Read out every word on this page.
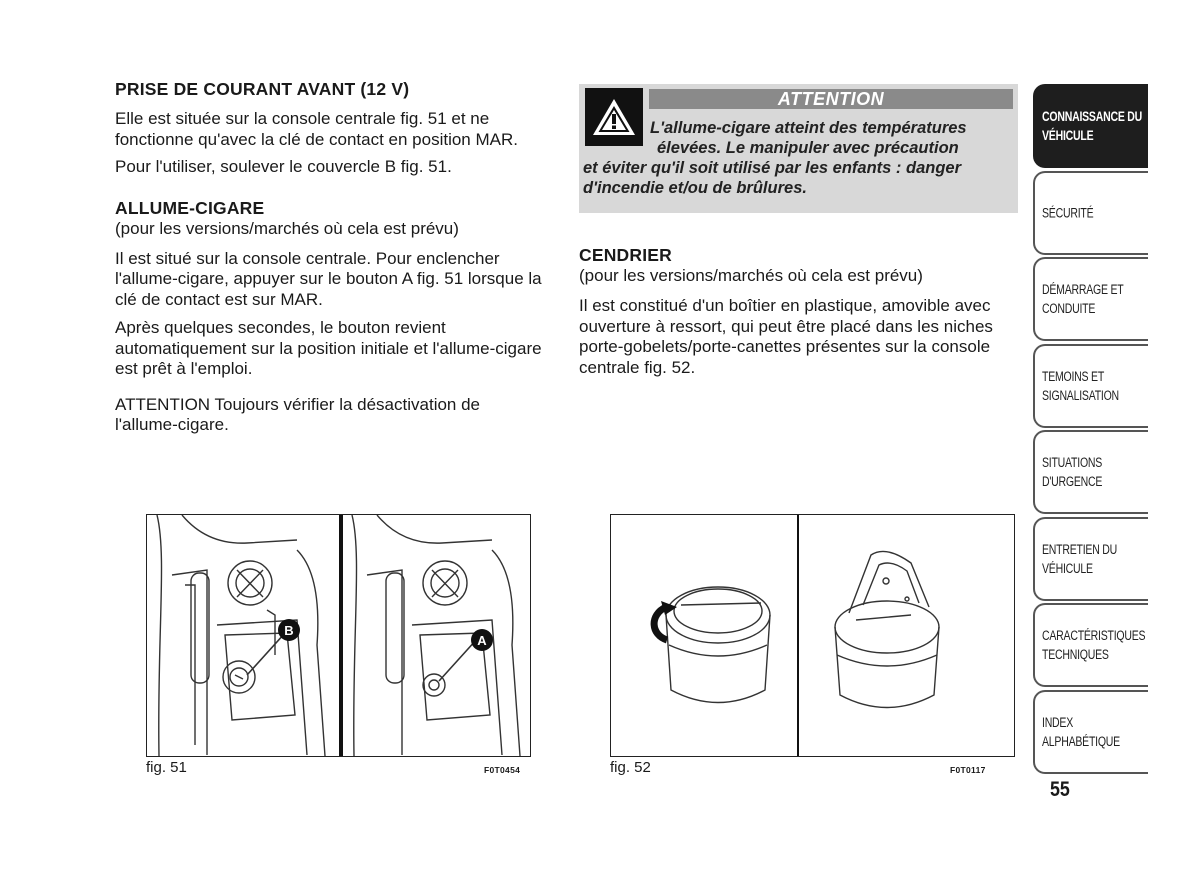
PRISE DE COURANT AVANT (12 V)

Elle est située sur la console centrale fig. 51 et ne fonctionne qu'avec la clé de contact en position MAR.

Pour l'utiliser, soulever le couvercle B fig. 51.

ALLUME-CIGARE
(pour les versions/marchés où cela est prévu)

Il est situé sur la console centrale. Pour enclencher l'allume-cigare, appuyer sur le bouton A fig. 51 lorsque la clé de contact est sur MAR.

Après quelques secondes, le bouton revient automatiquement sur la position initiale et l'allume-cigare est prêt à l'emploi.

ATTENTION Toujours vérifier la désactivation de l'allume-cigare.

ATTENTION
L'allume-cigare atteint des températures
élevées. Le manipuler avec précaution
et éviter qu'il soit utilisé par les enfants : danger d'incendie et/ou de brûlures.
CENDRIER
(pour les versions/marchés où cela est prévu)

Il est constitué d'un boîtier en plastique, amovible avec ouverture à ressort, qui peut être placé dans les niches porte-gobelets/porte-canettes présentes sur la console centrale fig. 52.

B
A
fig. 51	F0T0454	fig. 52	F0T0117
CONNAISSANCE DU VÉHICULE
SÉCURITÉ
DÉMARRAGE ET CONDUITE
TEMOINS ET SIGNALISATION
SITUATIONS D'URGENCE
ENTRETIEN DU VÉHICULE
CARACTÉRISTIQUES TECHNIQUES
INDEX ALPHABÉTIQUE
55
